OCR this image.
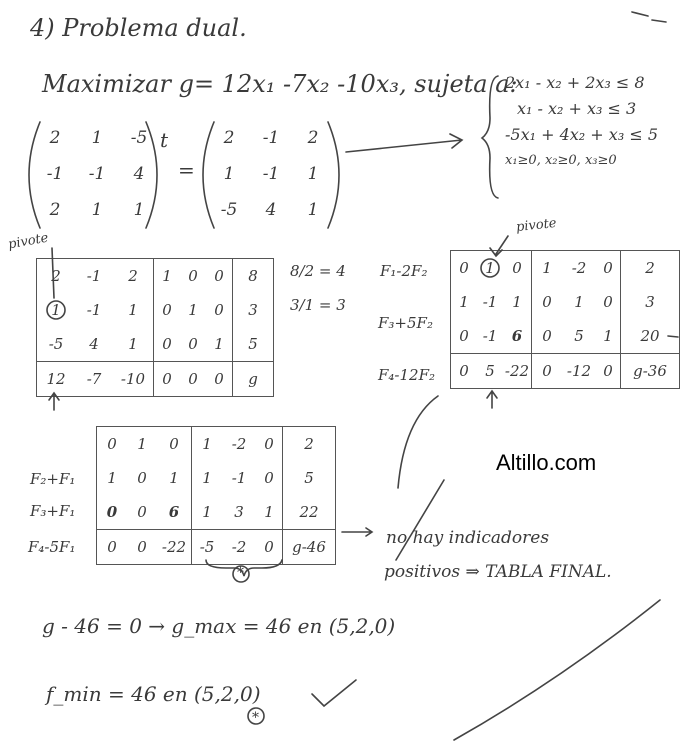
4) Problema dual.
Maximizar g= 12x₁ -7x₂ -10x₃, sujeta a:
2x₁ - x₂ + 2x₃ ≤ 8
x₁ - x₂ + x₃ ≤ 3
-5x₁ + 4x₂ + x₃ ≤ 5
x₁≥0, x₂≥0, x₃≥0
2	1	-5
-1	-1	4
2	1	1
t
=
2	-1	2
1	-1	1
-5	4	1
pivote
pivote
2	-1	2	1	0	0	8
1	-1	1	0	1	0	3
-5	4	1	0	0	1	5
12	-7	-10	0	0	0	g
8/2 = 4
3/1 = 3
0	1	0	1	-2	0	2
1	-1	1	0	1	0	3
0	-1	6	0	5	1	20
0	5	-22	0	-12	0	g-36
F₁-2F₂
F₃+5F₂
F₄-12F₂
0	1	0	1	-2	0	2
1	0	1	1	-1	0	5
0	0	6	1	3	1	22
0	0	-22	-5	-2	0	g-46
F₂+F₁
F₃+F₁
F₄-5F₁	no hay indicadores
positivos ⇒ TABLA FINAL.
Altillo.com
g - 46 = 0 → g_max = 46 en (5,2,0)
f_min = 46 en (5,2,0)
*
*
